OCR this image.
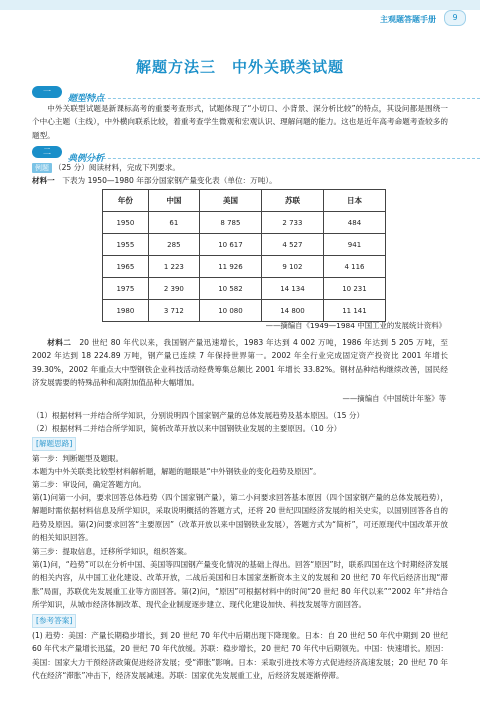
主观题答题手册	9
解题方法三　中外关联类试题
一题型特点

中外关联型试题是新课标高考的重要考查形式，试题体现了“小切口、小背景、深分析比较”的特点，其设问都是围绕一个中心主题（主线），中外横向联系比较，着重考查学生微观和宏观认识、理解问题的能力。这也是近年高考命题考查较多的题型。

二典例分析

例题 （25 分）阅读材料，完成下列要求。

材料一　 下表为 1950—1980 年部分国家钢产量变化表（单位：万吨）。

年份	中国	美国	苏联	日本
1950	61	8 785	2 733	484
1955	285	10 617	4 527	941
1965	1 223	11 926	9 102	4 116
1975	2 390	10 582	14 134	10 231
1980	3 712	10 080	14 800	11 141
——摘编自《1949—1984 中国工业的发展统计资料》

材料二　 20 世纪 80 年代以来，我国钢产量迅速增长，1983 年达到 4 002 万吨，1986 年达到 5 205 万吨，至 2002 年达到 18 224.89 万吨，钢产量已连续 7 年保持世界第一。2002 年全行业完成固定资产投资比 2001 年增长 39.30%，2002 年重点大中型钢铁企业科技活动经费筹集总额比 2001 年增长 33.82%。钢材品种结构继续改善，国民经济发展需要的特殊品种和高附加值品种大幅增加。

——摘编自《中国统计年鉴》等

（1）根据材料一并结合所学知识，分别说明四个国家钢产量的总体发展趋势及基本原因。（15 分）

（2）根据材料二并结合所学知识，简析改革开放以来中国钢铁业发展的主要原因。（10 分）

[解题思路]

第一步：判断题型及题眼。

本题为中外关联类比较型材料解析题，解题的题眼是“中外钢铁业的变化趋势及原因”。

第二步：审设问，确定答题方向。

第(1)问第一小问，要求回答总体趋势（四个国家钢产量），第二小问要求回答基本原因（四个国家钢产量的总体发展趋势），解题时需依据材料信息及所学知识，采取说明概括的答题方式，还将 20 世纪四国经济发展的相关史实，以国别回答各自的趋势及原因。第(2)问要求回答“主要原因”（改革开放以来中国钢铁业发展），答题方式为“简析”，可还原现代中国改革开放的相关知识回答。

第三步：提取信息，迁移所学知识，组织答案。

第(1)问，“趋势”可以在分析中国、美国等四国钢产量变化情况的基础上得出。回答“原因”时，联系四国在这个时期经济发展的相关内容，从中国工业化建设、改革开放，二战后美国和日本国家垄断资本主义的发展和 20 世纪 70 年代后经济出现“滞胀”局面，苏联优先发展重工业等方面回答。第(2)问，“原因”可根据材料中的时间“20 世纪 80 年代以来”“2002 年”并结合所学知识，从城市经济体制改革、现代企业制度逐步建立、现代化建设加快、科技发展等方面回答。

[参考答案]

(1) 趋势：美国：产量长期稳步增长，到 20 世纪 70 年代中后期出现下降现象。日本：自 20 世纪 50 年代中期到 20 世纪 60 年代末产量增长迅猛，20 世纪 70 年代放缓。苏联：稳步增长，20 世纪 70 年代中后期领先。中国：快速增长。原因：美国：国家大力干预经济政策促进经济发展；受“滞胀”影响。日本：采取引进技术等方式促进经济高速发展；20 世纪 70 年代在经济“滞胀”冲击下，经济发展减速。苏联：国家优先发展重工业，后经济发展逐渐停滞。
